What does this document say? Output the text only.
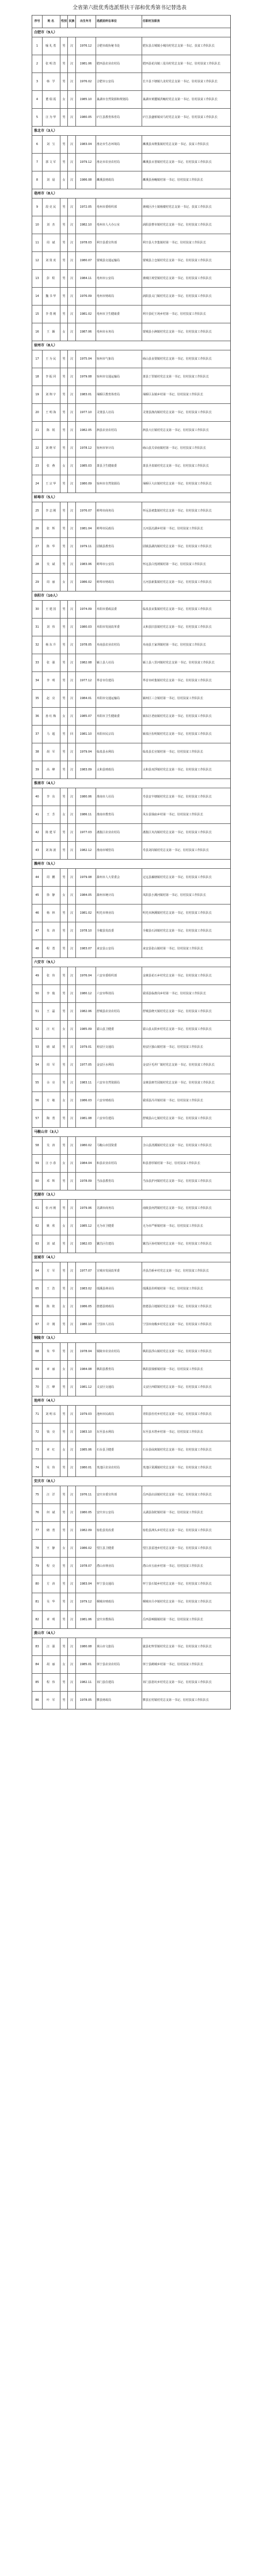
全省第六批优秀选派帮扶干部和优秀第书记替选表
序号	姓名	性别 民族	出生年月	选派前所在单位	任职村及职务
合肥市（9人）
1	喻礼勇	男	汉	1976.12	合肥市政协秘书处	肥东县古城镇小城岗村党总支第一书记、扶贫工作队队长
2	张明浩	男	汉	1981.06	肥西县农业农村局	肥西县花岗镇三星岗村党总支第一书记、驻村扶贫工作队队长
3	韩 学	男	汉	1976.02	合肥市公安局	长丰县下塘镇九龙村党总支第一书记、驻村扶贫工作队队长
4	董瑞霞	女	汉	1985.10	巢湖市自然资源和规划局	巢湖市黄麓镇洪疃村党总支第一书记、驻村扶贫工作队队长
5	汪为华	男	汉	1980.05	庐江县教育体育局	庐江县盛桥镇双马村党总支第一书记、驻村扶贫工作队队长
淮北市（3人）
6	刘 宝	男	汉	1983.04	淮北市生态环境局	濉溪县双堆集镇村党总支第一书记、扶贫工作队队长
7	郭文军	男	汉	1979.12	淮北市农业农村局	濉溪县百善镇村党总支第一书记、驻村扶贫工作队队长
8	刘 晨	女	汉	1986.08	濉溪县财政局	濉溪县孙疃镇村第一书记、驻村扶贫工作队队长
亳州市（8人）
9	段克民	男	汉	1972.05	亳州市委组织部	谯城区沙土镇杨楼村党总支第一书记、扶贫工作队队长
10	刘 杰	男	汉	1982.10	亳州市人大办公室	涡阳县曹市镇村党总支第一书记、驻村扶贫工作队队长
11	周 斌	男	汉	1978.03	利辛县委宣传部	利辛县大李集镇村第一书记、驻村扶贫工作队队长
12	刘贤虎	男	汉	1980.07	蒙城县交通运输局	蒙城县立仓镇村党总支第一书记、驻村扶贫工作队队长
13	彭 程	男	汉	1984.11	亳州市公安局	谯城区观堂镇村党总支第一书记、驻村扶贫工作队队长
14	魏书华	男	汉	1976.09	亳州市财政局	涡阳县义门镇村党总支第一书记、驻村扶贫工作队队长
15	李勇刚	男	汉	1981.02	亳州市卫生健康委	利辛县纪王场乡村第一书记、驻村扶贫工作队队长
16	王 颖	女	汉	1987.06	亳州市水务局	蒙城县小涧镇村党总支第一书记、驻村扶贫工作队队长
宿州市（8人）
17	王为民	男	汉	1975.04	宿州市气象局	砀山县良梨镇村党总支第一书记、驻村扶贫工作队队长
18	李振同	男	汉	1979.08	宿州市交通运输局	萧县丁里镇村党总支第一书记、驻村扶贫工作队队长
19	刘翔宇	男	汉	1983.01	埇桥区教育体育局	埇桥区永镇乡村第一书记、驻村扶贫工作队队长
20	王明海	男	汉	1977.10	灵璧县人社局	灵璧县渔沟镇村党总支第一书记、驻村扶贫工作队队长
21	陈 锐	男	汉	1982.05	泗县农业农村局	泗县大庄镇村党总支第一书记、驻村扶贫工作队队长
22	刘晓军	男	汉	1978.12	宿州市审计局	砀山县关帝庙镇村第一书记、驻村扶贫工作队队长
23	张 燕	女	汉	1985.03	萧县卫生健康委	萧县圣泉镇村党总支第一书记、驻村扶贫工作队队长
24	王宗华	男	汉	1980.09	宿州市自然资源局	埇桥区大店镇村党总支第一书记、驻村扶贫工作队队长
蚌埠市（5人）
25	李志刚	男	汉	1976.07	蚌埠市商务局	怀远县褚集镇村党总支第一书记、驻村扶贫工作队队长
26	张 辉	男	汉	1981.04	蚌埠市民政局	五河县沱湖乡村第一书记、驻村扶贫工作队队长
27	陈 华	男	汉	1979.11	固镇县教育局	固镇县湖沟镇村党总支第一书记、驻村扶贫工作队队长
28	吴 斌	男	汉	1983.06	蚌埠市公安局	怀远县白莲坡镇村第一书记、驻村扶贫工作队队长
29	周 丽	女	汉	1986.02	蚌埠市财政局	五河县新集镇村党总支第一书记、驻村扶贫工作队队长
阜阳市（10人）
30	王建国	男	汉	1974.09	阜阳市委政法委	临泉县宋集镇村党总支第一书记、驻村扶贫工作队队长
31	刘 伟	男	汉	1980.03	阜阳市发展改革委	太和县旧县镇村党总支第一书记、驻村扶贫工作队队长
32	杨东升	男	汉	1978.05	阜南县农业农村局	阜南县王家坝镇村第一书记、驻村扶贫工作队队长
33	张 强	男	汉	1982.08	颍上县人社局	颍上县八里河镇村党总支第一书记、驻村扶贫工作队队长
34	李 明	男	汉	1977.12	界首市住建局	界首市砖集镇村党总支第一书记、驻村扶贫工作队队长
35	赵 亮	男	汉	1984.01	阜阳市交通运输局	颍州区三合镇村第一书记、驻村扶贫工作队队长
36	孙红梅	女	汉	1985.07	阜阳市卫生健康委	颍东区老庙镇村党总支第一书记、驻村扶贫工作队队长
37	马 超	男	回	1981.10	阜阳市民宗局	颍泉区伍明镇村党总支第一书记、驻村扶贫工作队队长
38	胡 军	男	汉	1979.04	临泉县水利局	临泉县长官镇村第一书记、驻村扶贫工作队队长
39	高 峰	男	汉	1983.09	太和县财政局	太和县双浮镇村党总支第一书记、驻村扶贫工作队队长
淮南市（4人）
40	李 东	男	汉	1980.06	淮南市人社局	寿县安丰塘镇村党总支第一书记、驻村扶贫工作队队长
41	王 芳	女	汉	1986.11	淮南市教育局	凤台县钱庙乡村第一书记、驻村扶贫工作队队长
42	陈建军	男	汉	1977.03	潘集区农业农村局	潘集区夹沟镇村党总支第一书记、驻村扶贫工作队队长
43	刘海波	男	汉	1982.12	淮南市城管局	寿县刘岗镇村党总支第一书记、驻村扶贫工作队队长
滁州市（5人）
44	周 鹏	男	汉	1979.08	滁州市人大常委会	定远县藕塘镇村党总支第一书记、驻村扶贫工作队队长
45	徐 静	女	汉	1984.05	滁州市统计局	凤阳县小溪河镇村第一书记、驻村扶贫工作队队长
46	杨 林	男	汉	1981.02	明光市林业局	明光市涧溪镇村党总支第一书记、驻村扶贫工作队队长
47	朱 涛	男	汉	1978.10	全椒县发改委	全椒县石沛镇村党总支第一书记、驻村扶贫工作队队长
48	程 勇	男	汉	1983.07	来安县公安局	来安县张山镇村第一书记、驻村扶贫工作队队长
六安市（9人）
49	张 伟	男	汉	1976.04	六安市委组织部	金寨县花石乡村党总支第一书记、驻村扶贫工作队队长
50	李 俊	男	汉	1980.12	六安市科技局	霍邱县临淮岗乡村第一书记、驻村扶贫工作队队长
51	王 磊	男	汉	1982.06	舒城县农业农村局	舒城县晓天镇村党总支第一书记、驻村扶贫工作队队长
52	汪 红	女	汉	1985.09	霍山县卫健委	霍山县太阳乡村党总支第一书记、驻村扶贫工作队队长
53	储 斌	男	汉	1979.01	裕安区交通局	裕安区独山镇村第一书记、驻村扶贫工作队队长
54	周 军	男	汉	1977.05	金安区水利局	金安区毛坦厂镇村党总支第一书记、驻村扶贫工作队队长
55	余 亮	男	汉	1983.11	六安市自然资源局	金寨县斑竹园镇村党总支第一书记、驻村扶贫工作队队长
56	方 敏	女	汉	1986.03	六安市财政局	霍邱县冯井镇村第一书记、驻村扶贫工作队队长
57	陶 勇	男	汉	1981.08	六安市住建局	舒城县山七镇村党总支第一书记、驻村扶贫工作队队长
马鞍山市（3人）
58	吴 涛	男	汉	1980.02	马鞍山市国资委	含山县清溪镇村党总支第一书记、驻村扶贫工作队队长
59	汪小春	女	汉	1984.04	和县农业农村局	和县善厚镇村第一书记、驻村扶贫工作队队长
60	邓 辉	男	汉	1978.09	当涂县教育局	当涂县护河镇村党总支第一书记、驻村扶贫工作队队长
芜湖市（3人）
61	张丙刚	男	汉	1979.06	芜湖市商务局	南陵县何湾镇村党总支第一书记、驻村扶贫工作队队长
62	姚 欣	女	汉	1985.12	无为市卫健委	无为市严桥镇村第一书记、驻村扶贫工作队队长
63	刘 斌	男	汉	1982.03	繁昌区住建局	繁昌区孙村镇村党总支第一书记、驻村扶贫工作队队长
宣城市（4人）
64	方 军	男	汉	1977.07	宣城市发展改革委	泾县昌桥乡村党总支第一书记、驻村扶贫工作队队长
65	王 浩	男	汉	1983.02	绩溪县林业局	绩溪县伏岭镇村第一书记、驻村扶贫工作队队长
66	陈 艳	女	汉	1986.05	旌德县财政局	旌德县白地镇村党总支第一书记、驻村扶贫工作队队长
67	许 刚	男	汉	1980.10	宁国市人社局	宁国市南极乡村党总支第一书记、驻村扶贫工作队队长
铜陵市（3人）
68	朱 华	男	汉	1978.04	铜陵市农业农村局	枞阳县浮山镇村党总支第一书记、驻村扶贫工作队队长
69	章 丽	女	汉	1984.08	枞阳县教育局	枞阳县钱桥镇村第一书记、驻村扶贫工作队队长
70	江 峰	男	汉	1981.12	义安区交通局	义安区西联镇村党总支第一书记、驻村扶贫工作队队长
池州市（4人）
71	刘明东	男	汉	1979.03	池州市民政局	青阳县杜村乡村党总支第一书记、驻村扶贫工作队队长
72	钱 亮	男	汉	1983.10	东至县水利局	东至县木塔乡村第一书记、驻村扶贫工作队队长
73	章 红	女	汉	1985.06	石台县卫健委	石台县仙寓镇村党总支第一书记、驻村扶贫工作队队长
74	吴 伟	男	汉	1980.01	贵池区农业农村局	贵池区棠溪镇村党总支第一书记、驻村扶贫工作队队长
安庆市（8人）
75	汪 洋	男	汉	1976.11	安庆市委宣传部	岳西县店前镇村党总支第一书记、驻村扶贫工作队队长
76	何 斌	男	汉	1980.05	安庆市公安局	太湖县弥陀镇村第一书记、驻村扶贫工作队队长
77	储 勇	男	汉	1982.09	宿松县发改委	宿松县洲头乡村党总支第一书记、驻村扶贫工作队队长
78	王 静	女	汉	1986.02	望江县卫健委	望江县雷池乡村党总支第一书记、驻村扶贫工作队队长
79	程 亮	男	汉	1978.07	潜山市林业局	潜山市五庙乡村第一书记、驻村扶贫工作队队长
80	方 涛	男	汉	1983.04	怀宁县交通局	怀宁县石镜乡村党总支第一书记、驻村扶贫工作队队长
81	吴 华	男	汉	1979.12	桐城市财政局	桐城市吕亭镇村党总支第一书记、驻村扶贫工作队队长
82	章 明	男	汉	1981.06	安庆市教体局	岳西县响肠镇村第一书记、驻村扶贫工作队队长
黄山市（4人）
83	汪 强	男	汉	1980.08	黄山市文旅局	歙县杞梓里镇村党总支第一书记、驻村扶贫工作队队长
84	胡 丽	女	汉	1985.01	休宁县农业农村局	休宁县鹤城乡村第一书记、驻村扶贫工作队队长
85	程 伟	男	汉	1982.11	祁门县住建局	祁门县箬坑乡村党总支第一书记、驻村扶贫工作队队长
86	叶 军	男	汉	1978.05	黟县财政局	黟县宏村镇村党总支第一书记、驻村扶贫工作队队长
